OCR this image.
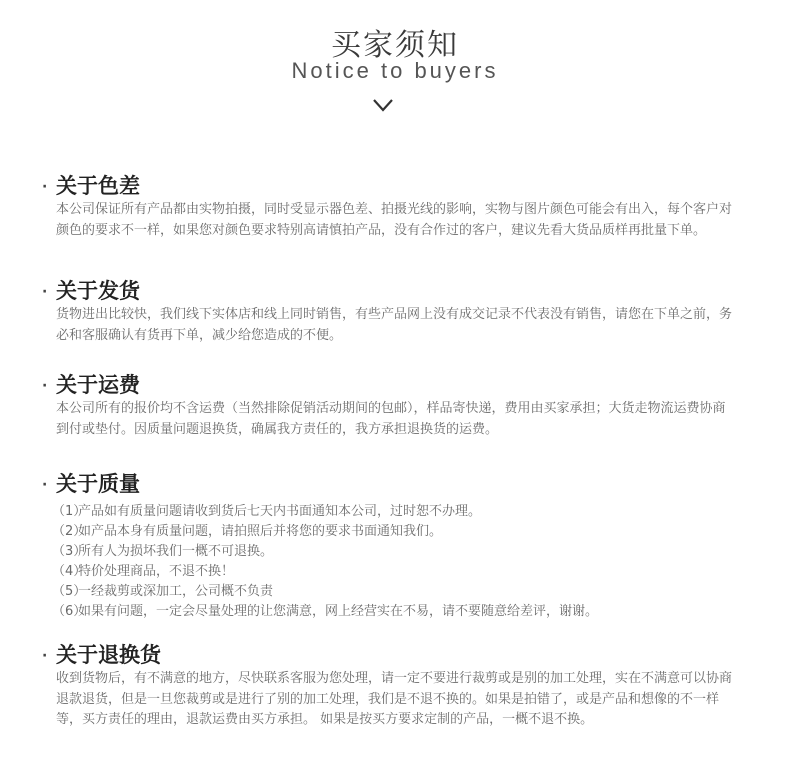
买家须知
Notice to buyers
· 关于色差
本公司保证所有产品都由实物拍摄，同时受显示器色差、拍摄光线的影响，实物与图片颜色可能会有出入，每个客户对颜色的要求不一样，如果您对颜色要求特别高请慎拍产品，没有合作过的客户，建议先看大货品质样再批量下单。
· 关于发货
货物进出比较快，我们线下实体店和线上同时销售，有些产品网上没有成交记录不代表没有销售，请您在下单之前，务必和客服确认有货再下单，减少给您造成的不便。
· 关于运费
本公司所有的报价均不含运费（当然排除促销活动期间的包邮），样品寄快递，费用由买家承担；大货走物流运费协商到付或垫付。因质量问题退换货，确属我方责任的，我方承担退换货的运费。
· 关于质量
（1）产品如有质量问题请收到货后七天内书面通知本公司，过时恕不办理。
（2）如产品本身有质量问题，请拍照后并将您的要求书面通知我们。
（3）所有人为损坏我们一概不可退换。
（4）特价处理商品，不退不换！
（5）一经裁剪或深加工，公司概不负责
（6）如果有问题，一定会尽量处理的让您满意，网上经营实在不易，请不要随意给差评，谢谢。
· 关于退换货
收到货物后，有不满意的地方，尽快联系客服为您处理，请一定不要进行裁剪或是别的加工处理，实在不满意可以协商退款退货，但是一旦您裁剪或是进行了别的加工处理，我们是不退不换的。如果是拍错了，或是产品和想像的不一样等，买方责任的理由，退款运费由买方承担。 如果是按买方要求定制的产品，一概不退不换。
